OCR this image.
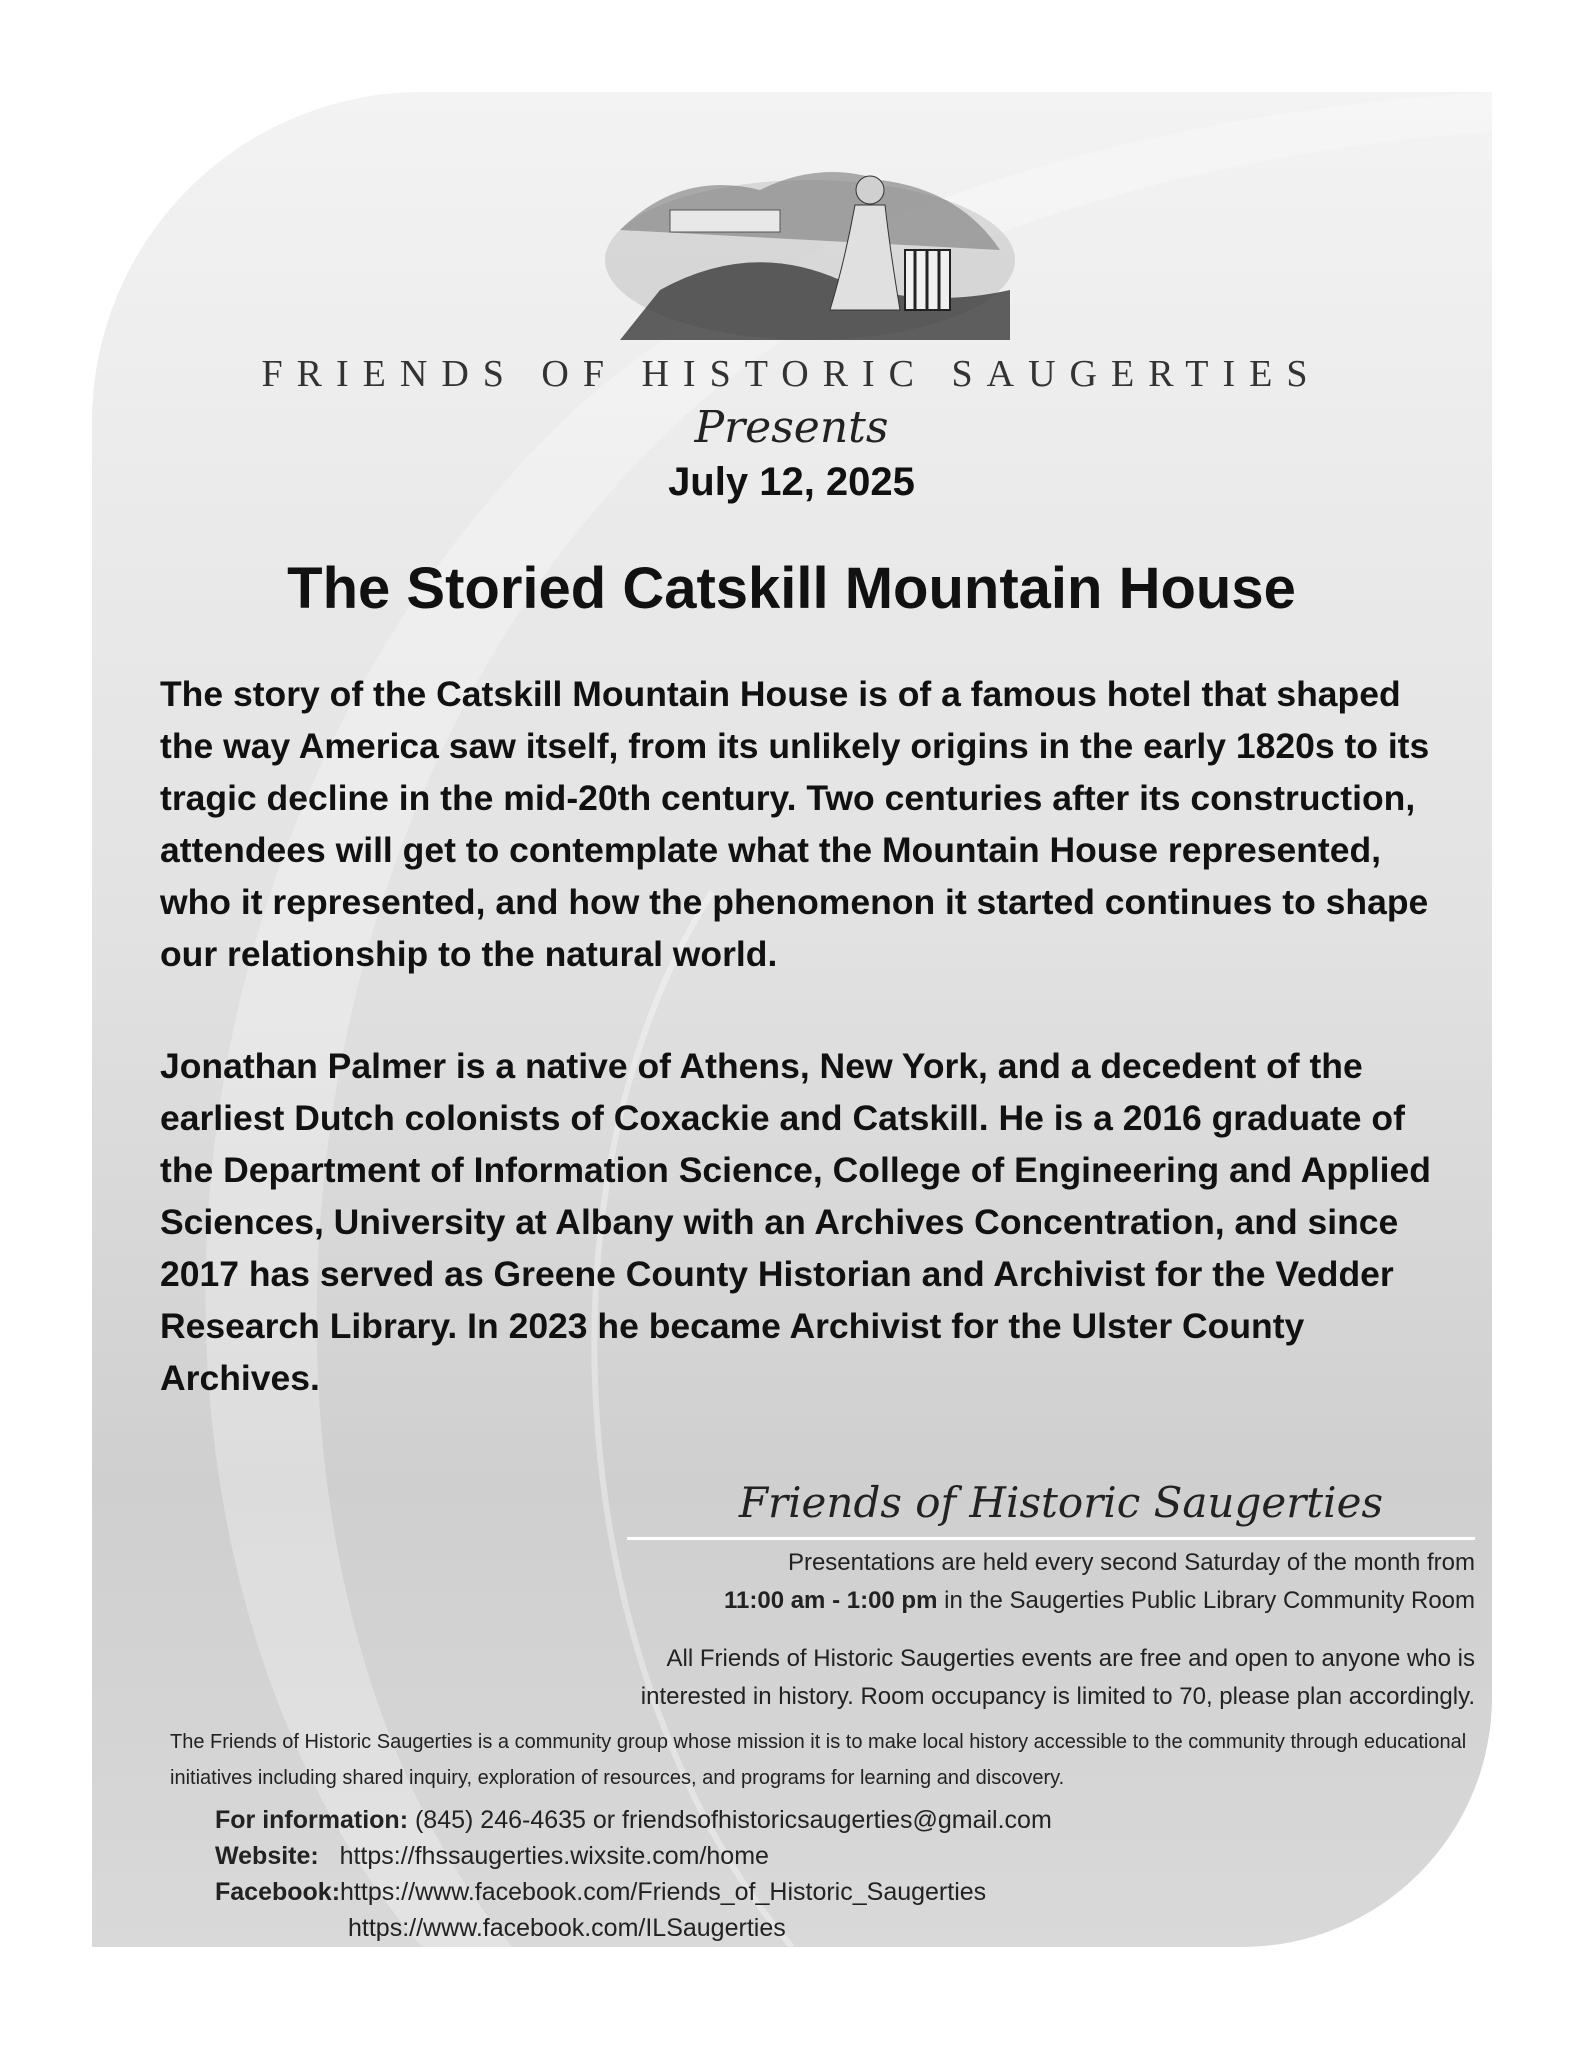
FRIENDS OF HISTORIC SAUGERTIES
Presents
July 12, 2025
The Storied Catskill Mountain House

The story of the Catskill Mountain House is of a famous hotel that shaped the way America saw itself, from its unlikely origins in the early 1820s to its tragic decline in the mid-20th century. Two centuries after its construction, attendees will get to contemplate what the Mountain House represented, who it represented, and how the phenomenon it started continues to shape our relationship to the natural world.

Jonathan Palmer is a native of Athens, New York, and a decedent of the earliest Dutch colonists of Coxackie and Catskill. He is a 2016 graduate of the Department of Information Science, College of Engineering and Applied Sciences, University at Albany with an Archives Concentration, and since 2017 has served as Greene County Historian and Archivist for the Vedder Research Library. In 2023 he became Archivist for the Ulster County Archives.

Friends of Historic Saugerties

Presentations are held every second Saturday of the month from
11:00 am - 1:00 pm in the Saugerties Public Library Community Room

All Friends of Historic Saugerties events are free and open to anyone who is interested in history. Room occupancy is limited to 70, please plan accordingly.

The Friends of Historic Saugerties is a community group whose mission it is to make local history accessible to the community through educational initiatives including shared inquiry, exploration of resources, and programs for learning and discovery.

For information: (845) 246-4635 or friendsofhistoricsaugerties@gmail.com
Website: https://fhssaugerties.wixsite.com/home
Facebook:https://www.facebook.com/Friends_of_Historic_Saugerties
https://www.facebook.com/ILSaugerties
